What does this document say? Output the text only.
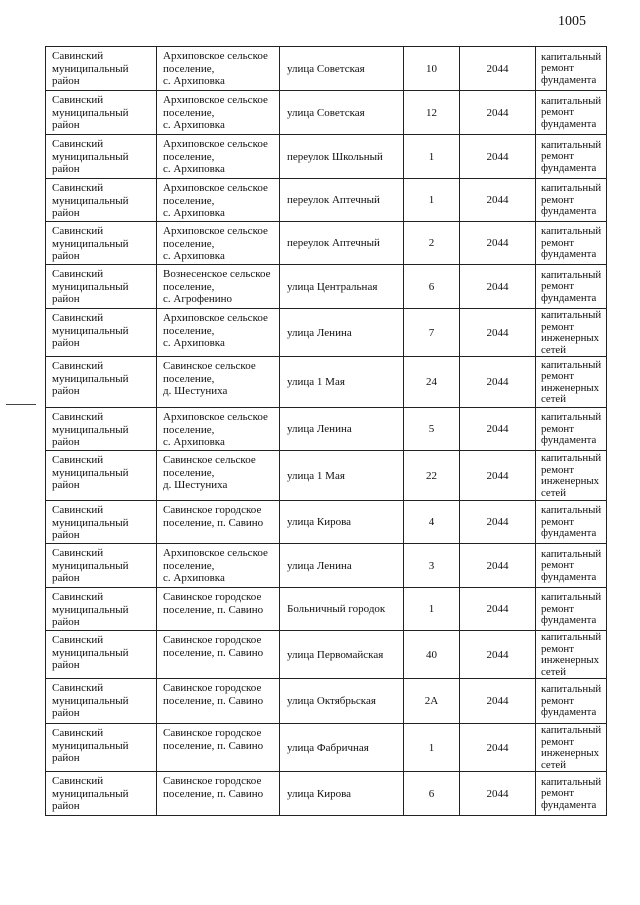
1005
Савинский
муниципальный
район	Архиповское сельское
поселение,
с. Архиповка	улица Советская	10	2044	капитальный
ремонт
фундамента
Савинский
муниципальный
район	Архиповское сельское
поселение,
с. Архиповка	улица Советская	12	2044	капитальный
ремонт
фундамента
Савинский
муниципальный
район	Архиповское сельское
поселение,
с. Архиповка	переулок Школьный	1	2044	капитальный
ремонт
фундамента
Савинский
муниципальный
район	Архиповское сельское
поселение,
с. Архиповка	переулок Аптечный	1	2044	капитальный
ремонт
фундамента
Савинский
муниципальный
район	Архиповское сельское
поселение,
с. Архиповка	переулок Аптечный	2	2044	капитальный
ремонт
фундамента
Савинский
муниципальный
район	Вознесенское сельское
поселение,
с. Агрофенино	улица Центральная	6	2044	капитальный
ремонт
фундамента
Савинский
муниципальный
район	Архиповское сельское
поселение,
с. Архиповка	улица Ленина	7	2044	капитальный
ремонт
инженерных
сетей
Савинский
муниципальный
район	Савинское сельское
поселение,
д. Шестуниха	улица 1 Мая	24	2044	капитальный
ремонт
инженерных
сетей
Савинский
муниципальный
район	Архиповское сельское
поселение,
с. Архиповка	улица Ленина	5	2044	капитальный
ремонт
фундамента
Савинский
муниципальный
район	Савинское сельское
поселение,
д. Шестуниха	улица 1 Мая	22	2044	капитальный
ремонт
инженерных
сетей
Савинский
муниципальный
район	Савинское городское
поселение, п. Савино	улица Кирова	4	2044	капитальный
ремонт
фундамента
Савинский
муниципальный
район	Архиповское сельское
поселение,
с. Архиповка	улица Ленина	3	2044	капитальный
ремонт
фундамента
Савинский
муниципальный
район	Савинское городское
поселение, п. Савино	Больничный городок	1	2044	капитальный
ремонт
фундамента
Савинский
муниципальный
район	Савинское городское
поселение, п. Савино	улица Первомайская	40	2044	капитальный
ремонт
инженерных
сетей
Савинский
муниципальный
район	Савинское городское
поселение, п. Савино	улица Октябрьская	2А	2044	капитальный
ремонт
фундамента
Савинский
муниципальный
район	Савинское городское
поселение, п. Савино	улица Фабричная	1	2044	капитальный
ремонт
инженерных
сетей
Савинский
муниципальный
район	Савинское городское
поселение, п. Савино	улица Кирова	6	2044	капитальный
ремонт
фундамента
